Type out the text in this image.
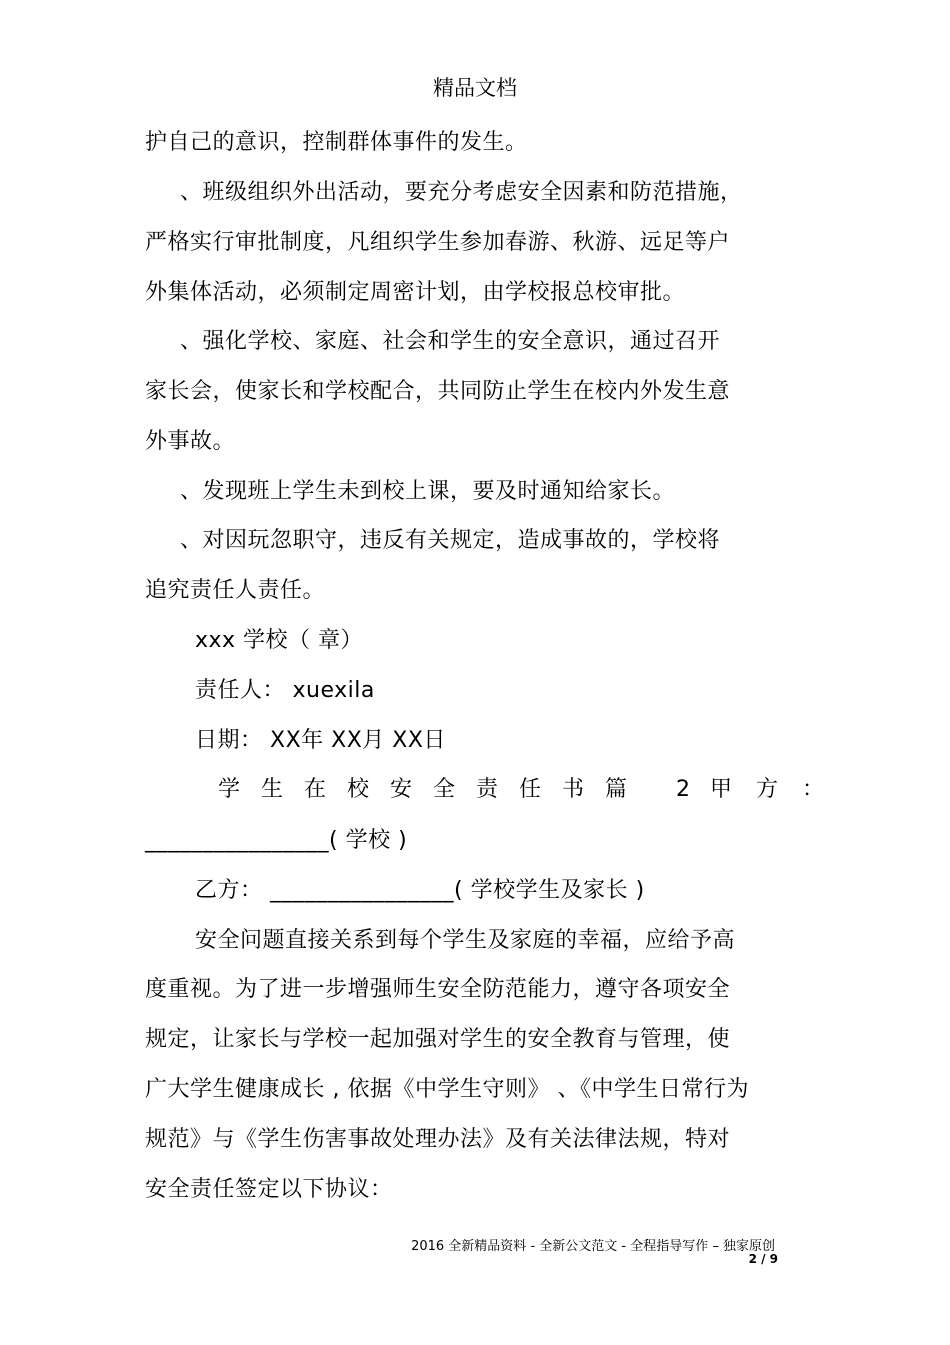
精品文档
护自己的意识，控制群体事件的发生。
、班级组织外出活动，要充分考虑安全因素和防范措施，
严格实行审批制度，凡组织学生参加春游、秋游、远足等户
外集体活动，必须制定周密计划，由学校报总校审批。
、强化学校、家庭、社会和学生的安全意识，通过召开
家长会，使家长和学校配合，共同防止学生在校内外发生意
外事故。
、发现班上学生未到校上课，要及时通知给家长。
、对因玩忽职守，违反有关规定，造成事故的，学校将
追究责任人责任。
xxx 学校（ 章）
责任人： xuexila
日期： XX年 XX月 XX日
学生在校安全责任书篇 2 甲方：
________________( 学校 )
乙方： ________________( 学校学生及家长 )
安全问题直接关系到每个学生及家庭的幸福，应给予高
度重视。为了进一步增强师生安全防范能力，遵守各项安全
规定，让家长与学校一起加强对学生的安全教育与管理，使
广大学生健康成长 , 依据《中学生守则》 、《中学生日常行为
规范》与《学生伤害事故处理办法》及有关法律法规，特对
安全责任签定以下协议：
2016 全新精品资料 - 全新公文范文 - 全程指导写作 – 独家原创
2 / 9
